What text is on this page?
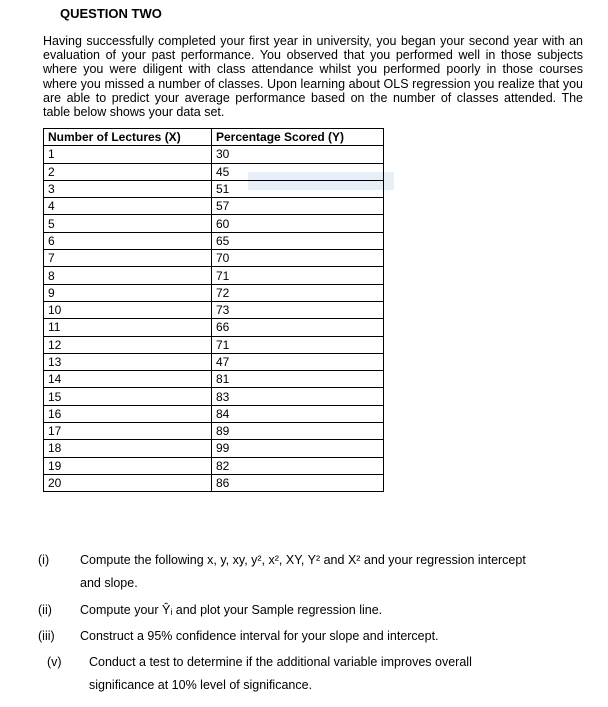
QUESTION TWO
Having successfully completed your first year in university, you began your second year with an evaluation of your past performance. You observed that you performed well in those subjects where you were diligent with class attendance whilst you performed poorly in those courses where you missed a number of classes. Upon learning about OLS regression you realize that you are able to predict your average performance based on the number of classes attended. The table below shows your data set.
Number of Lectures (X)	Percentage Scored (Y)
1	30
2	45
3	51
4	57
5	60
6	65
7	70
8	71
9	72
10	73
11	66
12	71
13	47
14	81
15	83
16	84
17	89
18	99
19	82
20	86
(i) Compute the following x, y, xy, y², x², XY, Y² and X² and your regression intercept and slope.
(ii) Compute your Ŷᵢ and plot your Sample regression line.
(iii) Construct a 95% confidence interval for your slope and intercept.
(v) Conduct a test to determine if the additional variable improves overall significance at 10% level of significance.
